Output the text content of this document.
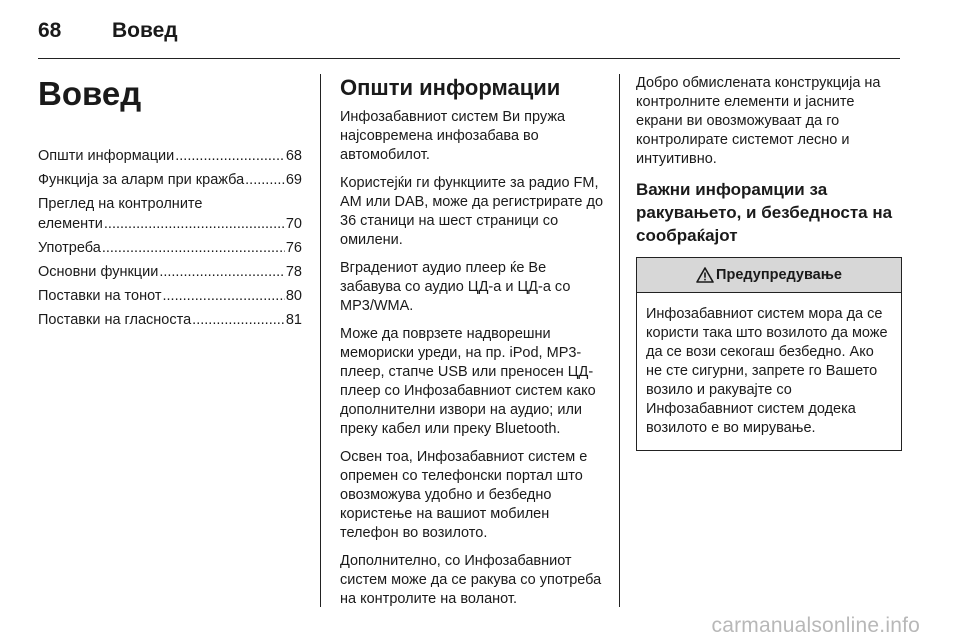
68	Вовед
Вовед
Општи информации .....	68
Функција за аларм при кражба .....	69
Преглед на контролните
елементи .....	70
Употреба .....	76
Основни функции .....	78
Поставки на тонот .....	80
Поставки на гласноста .....	81
Општи информации

Инфозабавниот систем Ви пружа најсовремена инфозабава во автомобилот.

Користејќи ги функциите за радио FM, AM или DAB, може да регистрирате до 36 станици на шест страници со омилени.

Вградениот аудио плеер ќе Ве забавува со аудио ЦД-а и ЦД-а со MP3/WMA.

Може да поврзете надворешни мемориски уреди, на пр. iPod, MP3-плеер, стапче USB или преносен ЦД-плеер со Инфозабавниот систем како дополнителни извори на аудио; или преку кабел или преку Bluetooth.

Освен тоа, Инфозабавниот систем е опремен со телефонски портал што овозможува удобно и безбедно користење на вашиот мобилен телефон во возилото.

Дополнително, со Инфозабавниот систем може да се ракува со употреба на контролите на воланот.

Добро обмислената конструкција на контролните елементи и јасните екрани ви овозможуваат да го контролирате системот лесно и интуитивно.

Важни инфорамции за ракувањето, и безбедноста на сообраќајот
Предупредување
Инфозабавниот систем мора да се користи така што возилото да може да се вози секогаш безбедно. Ако не сте сигурни, запрете го Вашето возило и ракувајте со Инфозабавниот систем додека возилото е во мирување.
carmanualsonline.info
